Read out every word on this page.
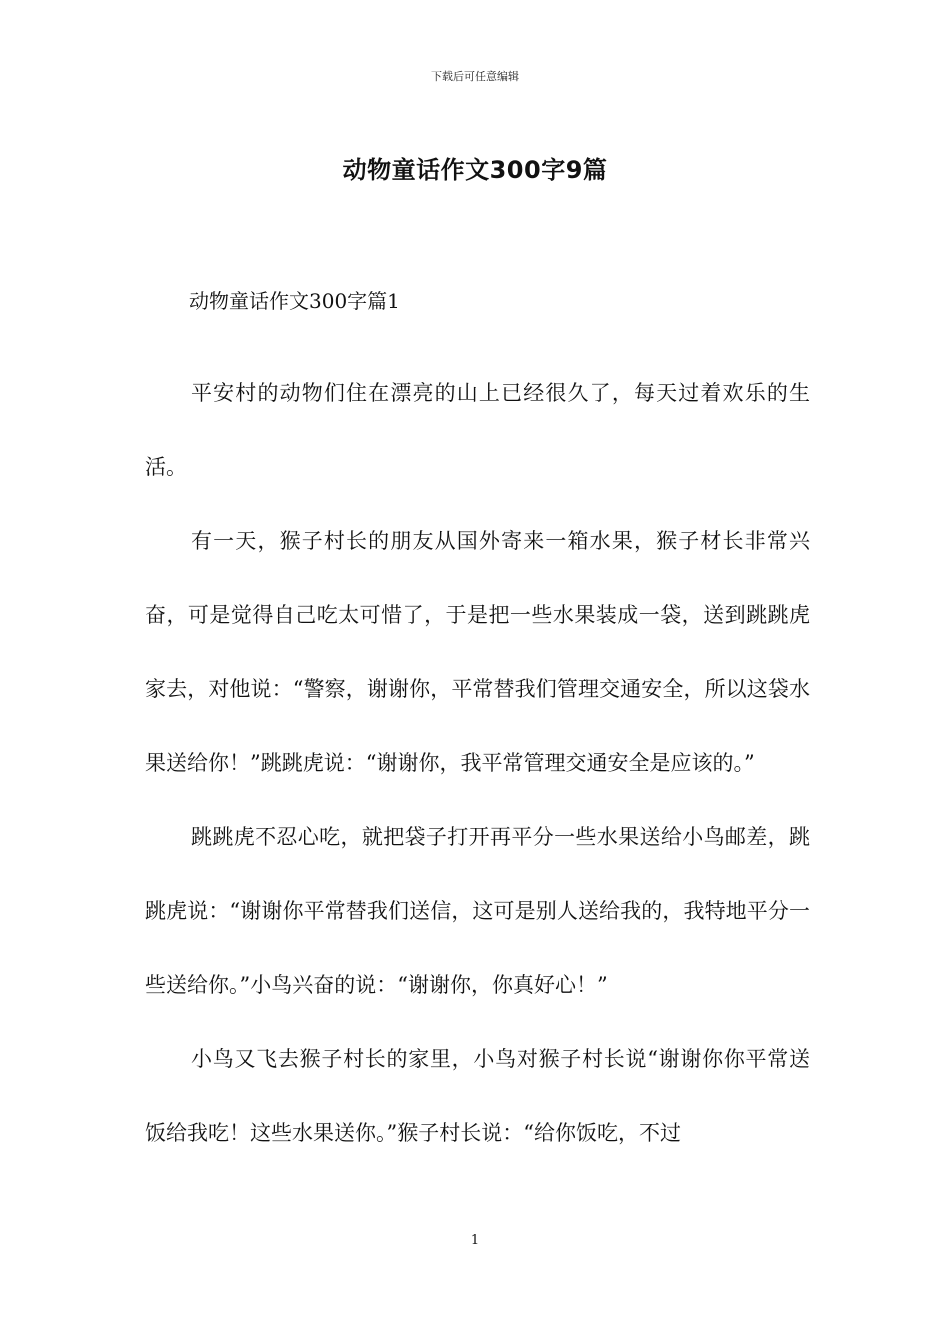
下载后可任意编辑
动物童话作文300字9篇

动物童话作文300字篇1

平安村的动物们住在漂亮的山上已经很久了，每天过着欢乐的生活。

有一天，猴子村长的朋友从国外寄来一箱水果，猴子材长非常兴奋，可是觉得自己吃太可惜了，于是把一些水果装成一袋，送到跳跳虎家去，对他说：“警察，谢谢你，平常替我们管理交通安全，所以这袋水果送给你！”跳跳虎说：“谢谢你，我平常管理交通安全是应该的。”

跳跳虎不忍心吃，就把袋子打开再平分一些水果送给小鸟邮差，跳跳虎说：“谢谢你平常替我们送信，这可是别人送给我的，我特地平分一些送给你。”小鸟兴奋的说：“谢谢你，你真好心！”

小鸟又飞去猴子村长的家里，小鸟对猴子村长说“谢谢你你平常送饭给我吃！这些水果送你。”猴子村长说：“给你饭吃，不过

1
